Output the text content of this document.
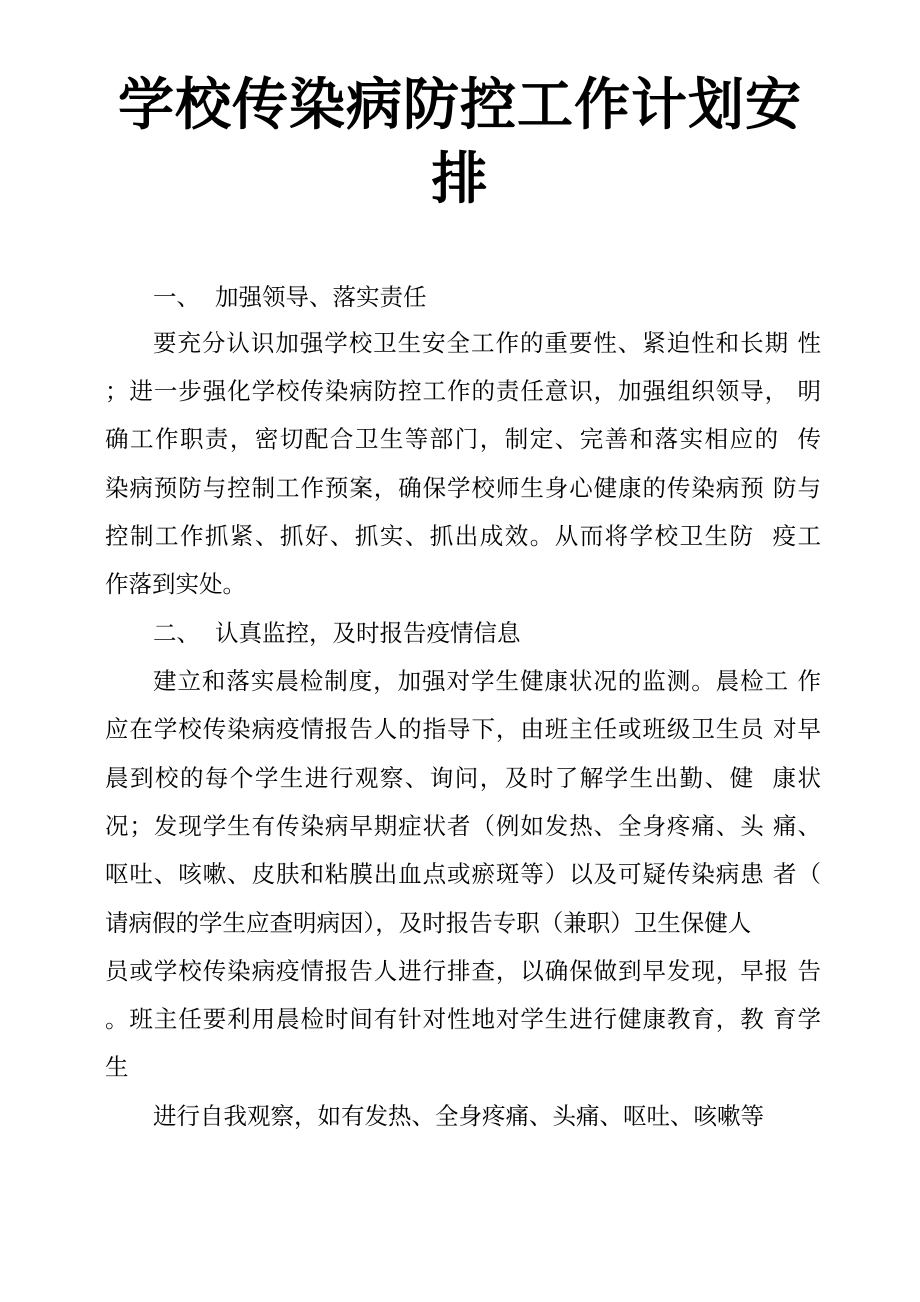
学校传染病防控工作计划安
排
一、  加强领导、落实责任
要充分认识加强学校卫生安全工作的重要性、紧迫性和长期 性
；进一步强化学校传染病防控工作的责任意识，加强组织领导， 明
确工作职责，密切配合卫生等部门，制定、完善和落实相应的  传
染病预防与控制工作预案，确保学校师生身心健康的传染病预 防与
控制工作抓紧、抓好、抓实、抓出成效。从而将学校卫生防  疫工
作落到实处。
二、  认真监控，及时报告疫情信息
建立和落实晨检制度，加强对学生健康状况的监测。晨检工 作
应在学校传染病疫情报告人的指导下，由班主任或班级卫生员 对早
晨到校的每个学生进行观察、询问，及时了解学生出勤、健  康状
况；发现学生有传染病早期症状者（例如发热、全身疼痛、头 痛、
呕吐、咳嗽、皮肤和粘膜出血点或瘀斑等）以及可疑传染病患 者（
请病假的学生应查明病因），及时报告专职（兼职）卫生保健人
员或学校传染病疫情报告人进行排查，以确保做到早发现，早报 告
。班主任要利用晨检时间有针对性地对学生进行健康教育，教 育学
生
进行自我观察，如有发热、全身疼痛、头痛、呕吐、咳嗽等
